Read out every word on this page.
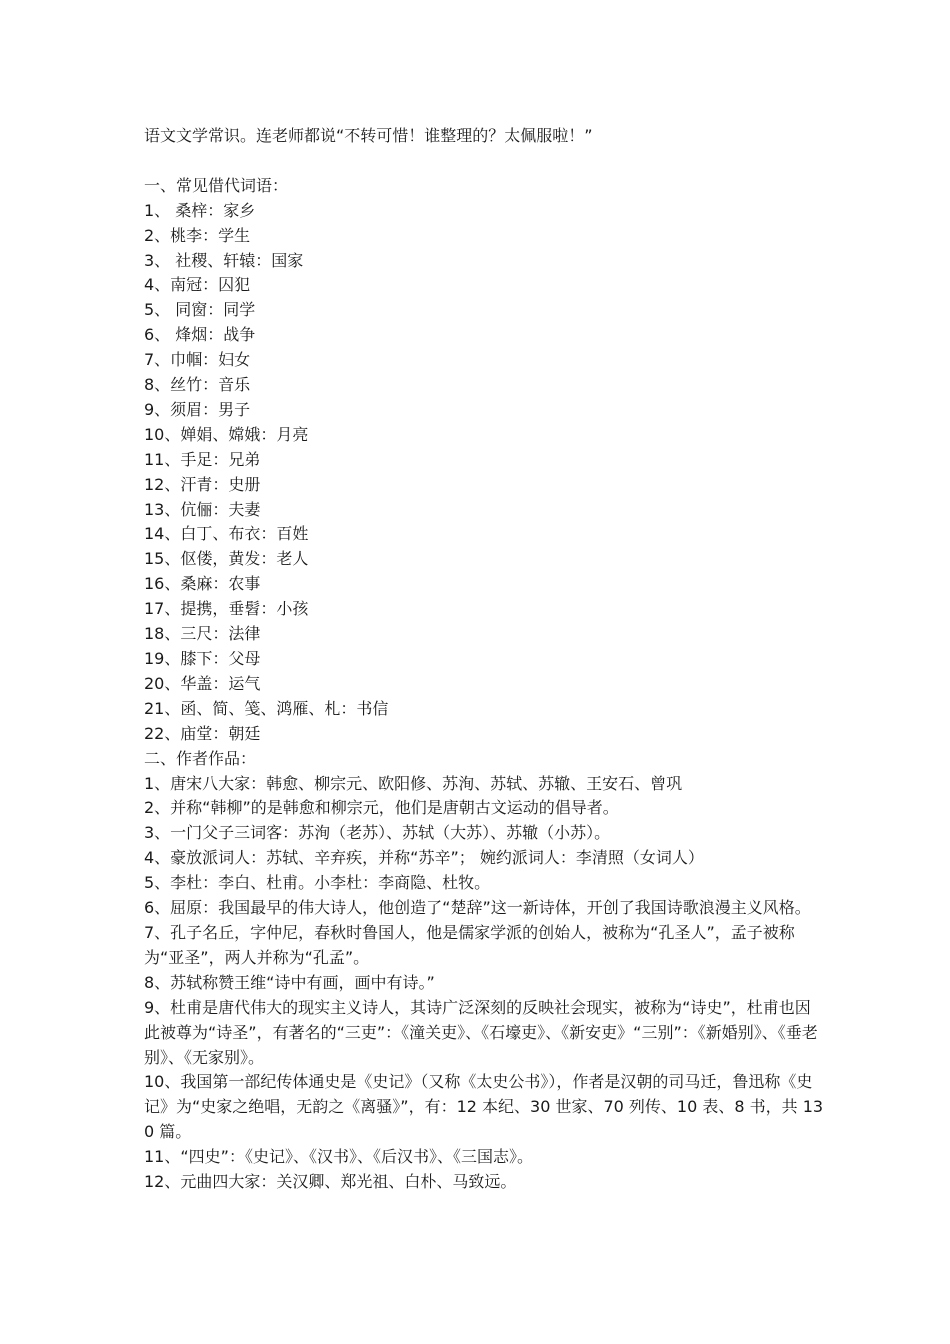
语文文学常识。连老师都说“不转可惜！谁整理的？太佩服啦！”
一、常见借代词语：
1、 桑梓：家乡
2、桃李：学生
3、 社稷、轩辕：国家
4、南冠：囚犯
5、 同窗：同学
6、 烽烟：战争
7、巾帼：妇女
8、丝竹：音乐
9、须眉：男子
10、婵娟、嫦娥：月亮
11、手足：兄弟
12、汗青：史册
13、伉俪：夫妻
14、白丁、布衣：百姓
15、伛偻，黄发：老人
16、桑麻：农事
17、提携，垂髫：小孩
18、三尺：法律
19、膝下：父母
20、华盖：运气
21、函、简、笺、鸿雁、札：书信
22、庙堂：朝廷
二、作者作品：
1、唐宋八大家：韩愈、柳宗元、欧阳修、苏洵、苏轼、苏辙、王安石、曾巩
2、并称“韩柳”的是韩愈和柳宗元，他们是唐朝古文运动的倡导者。
3、一门父子三词客：苏洵（老苏）、苏轼（大苏）、苏辙（小苏）。
4、豪放派词人：苏轼、辛弃疾，并称“苏辛”； 婉约派词人：李清照（女词人）
5、李杜：李白、杜甫。小李杜：李商隐、杜牧。
6、屈原：我国最早的伟大诗人，他创造了“楚辞”这一新诗体，开创了我国诗歌浪漫主义风格。
7、孔子名丘，字仲尼，春秋时鲁国人，他是儒家学派的创始人，被称为“孔圣人”，孟子被称为“亚圣”，两人并称为“孔孟”。
8、苏轼称赞王维“诗中有画，画中有诗。”
9、杜甫是唐代伟大的现实主义诗人，其诗广泛深刻的反映社会现实，被称为“诗史”，杜甫也因此被尊为“诗圣”，有著名的“三吏”：《潼关吏》、《石壕吏》、《新安吏》“三别”：《新婚别》、《垂老别》、《无家别》。
10、我国第一部纪传体通史是《史记》（又称《太史公书》），作者是汉朝的司马迁，鲁迅称《史记》为“史家之绝唱，无韵之《离骚》”，有：12 本纪、30 世家、70 列传、10 表、8 书，共 130 篇。
11、“四史”：《史记》、《汉书》、《后汉书》、《三国志》。
12、元曲四大家：关汉卿、郑光祖、白朴、马致远。
